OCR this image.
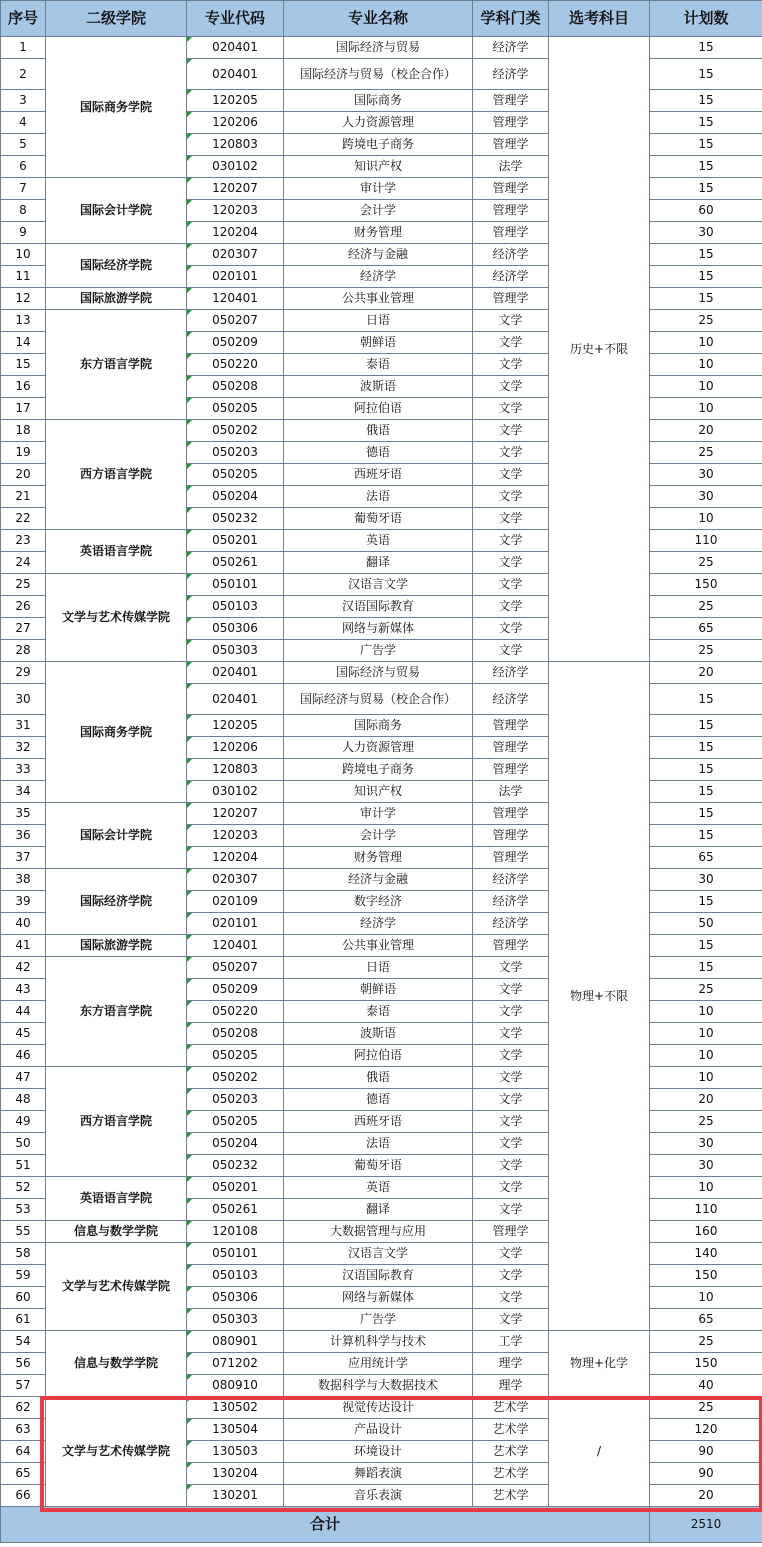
序号	二级学院	专业代码	专业名称	学科门类	选考科目	计划数
1	国际商务学院	020401	国际经济与贸易	经济学	历史+不限	15
2		020401	国际经济与贸易（校企合作）	经济学		15
3		120205	国际商务	管理学		15
4		120206	人力资源管理	管理学		15
5		120803	跨境电子商务	管理学		15
6		030102	知识产权	法学		15
7	国际会计学院	120207	审计学	管理学		15
8		120203	会计学	管理学		60
9		120204	财务管理	管理学		30
10	国际经济学院	020307	经济与金融	经济学		15
11		020101	经济学	经济学		15
12	国际旅游学院	120401	公共事业管理	管理学		15
13	东方语言学院	050207	日语	文学		25
14		050209	朝鲜语	文学		10
15		050220	泰语	文学		10
16		050208	波斯语	文学		10
17		050205	阿拉伯语	文学		10
18	西方语言学院	050202	俄语	文学		20
19		050203	德语	文学		25
20		050205	西班牙语	文学		30
21		050204	法语	文学		30
22		050232	葡萄牙语	文学		10
23	英语语言学院	050201	英语	文学		110
24		050261	翻译	文学		25
25	文学与艺术传媒学院	050101	汉语言文学	文学		150
26		050103	汉语国际教育	文学		25
27		050306	网络与新媒体	文学		65
28		050303	广告学	文学		25
29	国际商务学院	020401	国际经济与贸易	经济学	物理+不限	20
30		020401	国际经济与贸易（校企合作）	经济学		15
31		120205	国际商务	管理学		15
32		120206	人力资源管理	管理学		15
33		120803	跨境电子商务	管理学		15
34		030102	知识产权	法学		15
35	国际会计学院	120207	审计学	管理学		15
36		120203	会计学	管理学		15
37		120204	财务管理	管理学		65
38	国际经济学院	020307	经济与金融	经济学		30
39		020109	数字经济	经济学		15
40		020101	经济学	经济学		50
41	国际旅游学院	120401	公共事业管理	管理学		15
42	东方语言学院	050207	日语	文学		15
43		050209	朝鲜语	文学		25
44		050220	泰语	文学		10
45		050208	波斯语	文学		10
46		050205	阿拉伯语	文学		10
47	西方语言学院	050202	俄语	文学		10
48		050203	德语	文学		20
49		050205	西班牙语	文学		25
50		050204	法语	文学		30
51		050232	葡萄牙语	文学		30
52	英语语言学院	050201	英语	文学		10
53		050261	翻译	文学		110
55	信息与数学学院	120108	大数据管理与应用	管理学		160
58	文学与艺术传媒学院	050101	汉语言文学	文学		140
59		050103	汉语国际教育	文学		150
60		050306	网络与新媒体	文学		10
61		050303	广告学	文学		65
54	信息与数学学院	080901	计算机科学与技术	工学	物理+化学	25
56		071202	应用统计学	理学		150
57		080910	数据科学与大数据技术	理学		40
62	文学与艺术传媒学院	130502	视觉传达设计	艺术学	/	25
63		130504	产品设计	艺术学		120
64		130503	环境设计	艺术学		90
65		130204	舞蹈表演	艺术学		90
66		130201	音乐表演	艺术学		20
合计						2510
